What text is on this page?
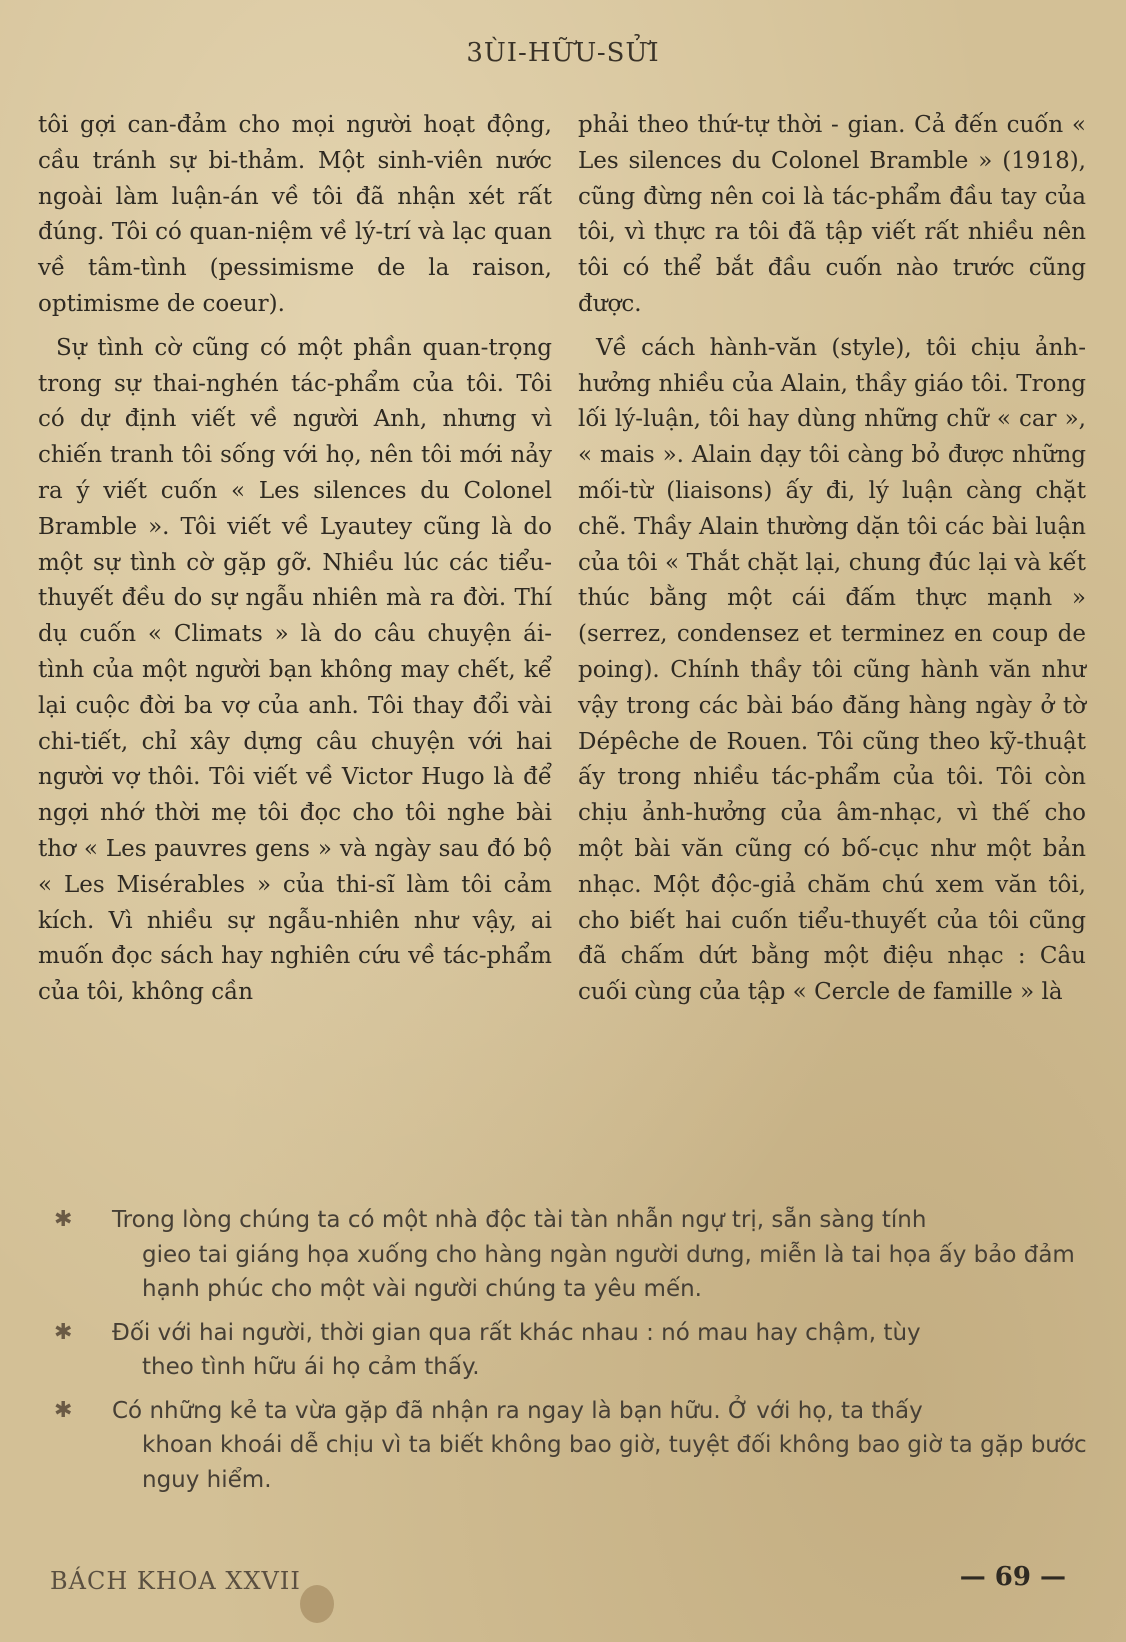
3ÙI-HỮU-SỬI

tôi gợi can-đảm cho mọi người hoạt động, cầu tránh sự bi-thảm. Một sinh-viên nước ngoài làm luận-án về tôi đã nhận xét rất đúng. Tôi có quan-niệm về lý-trí và lạc quan về tâm-tình (pessimisme de la raison, optimisme de coeur).

Sự tình cờ cũng có một phần quan-trọng trong sự thai-nghén tác-phẩm của tôi. Tôi có dự định viết về người Anh, nhưng vì chiến tranh tôi sống với họ, nên tôi mới nảy ra ý viết cuốn « Les silences du Colonel Bramble ». Tôi viết về Lyautey cũng là do một sự tình cờ gặp gỡ. Nhiều lúc các tiểu-thuyết đều do sự ngẫu nhiên mà ra đời. Thí dụ cuốn « Climats » là do câu chuyện ái-tình của một người bạn không may chết, kể lại cuộc đời ba vợ của anh. Tôi thay đổi vài chi-tiết, chỉ xây dựng câu chuyện với hai người vợ thôi. Tôi viết về Victor Hugo là để ngợi nhớ thời mẹ tôi đọc cho tôi nghe bài thơ « Les pauvres gens » và ngày sau đó bộ « Les Misérables » của thi-sĩ làm tôi cảm kích. Vì nhiều sự ngẫu-nhiên như vậy, ai muốn đọc sách hay nghiên cứu về tác-phẩm của tôi, không cần

phải theo thứ-tự thời - gian. Cả đến cuốn « Les silences du Colonel Bramble » (1918), cũng đừng nên coi là tác-phẩm đầu tay của tôi, vì thực ra tôi đã tập viết rất nhiều nên tôi có thể bắt đầu cuốn nào trước cũng được.

Về cách hành-văn (style), tôi chịu ảnh-hưởng nhiều của Alain, thầy giáo tôi. Trong lối lý-luận, tôi hay dùng những chữ « car », « mais ». Alain dạy tôi càng bỏ được những mối-từ (liaisons) ấy đi, lý luận càng chặt chẽ. Thầy Alain thường dặn tôi các bài luận của tôi « Thắt chặt lại, chung đúc lại và kết thúc bằng một cái đấm thực mạnh » (serrez, condensez et terminez en coup de poing). Chính thầy tôi cũng hành văn như vậy trong các bài báo đăng hàng ngày ở tờ Dépêche de Rouen. Tôi cũng theo kỹ-thuật ấy trong nhiều tác-phẩm của tôi. Tôi còn chịu ảnh-hưởng của âm-nhạc, vì thế cho một bài văn cũng có bố-cục như một bản nhạc. Một độc-giả chăm chú xem văn tôi, cho biết hai cuốn tiểu-thuyết của tôi cũng đã chấm dứt bằng một điệu nhạc : Câu cuối cùng của tập « Cercle de famille » là

✱ Trong lòng chúng ta có một nhà độc tài tàn nhẫn ngự trị, sẵn sàng tính
gieo tai giáng họa xuống cho hàng ngàn người dưng, miễn là tai họa ấy bảo đảm hạnh phúc cho một vài người chúng ta yêu mến.
✱ Đối với hai người, thời gian qua rất khác nhau : nó mau hay chậm, tùy
theo tình hữu ái họ cảm thấy.
✱ Có những kẻ ta vừa gặp đã nhận ra ngay là bạn hữu. Ở với họ, ta thấy
khoan khoái dễ chịu vì ta biết không bao giờ, tuyệt đối không bao giờ ta gặp bước nguy hiểm.
BÁCH KHOA XXVII	— 69 —
